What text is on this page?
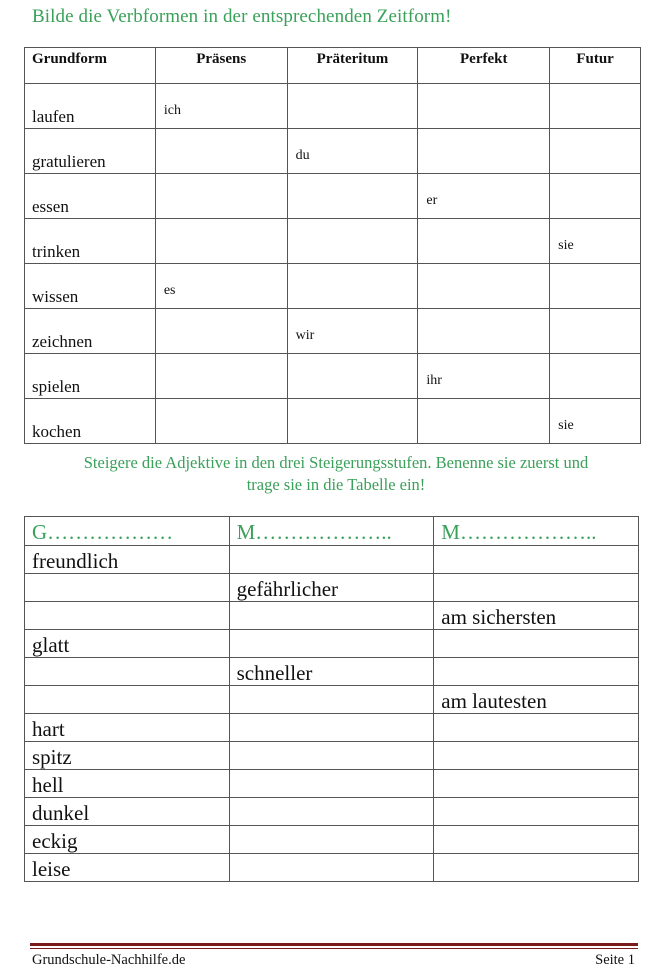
Bilde die Verbformen in der entsprechenden Zeitform!
Grundform	Präsens	Präteritum	Perfekt	Futur
laufen	ich			

gratulieren		du		

essen			er	

trinken				sie

wissen	es			

zeichnen		wir		

spielen			ihr	

kochen				sie
Steigere die Adjektive in den drei Steigerungsstufen. Benenne sie zuerst und
trage sie in die Tabelle ein!
G………………	M………………..	M………………..
freundlich		
	gefährlicher	
		am sichersten
glatt		
	schneller	
		am lautesten
hart		
spitz		
hell		
dunkel		
eckig		
leise		
Grundschule-Nachhilfe.de	Seite 1
